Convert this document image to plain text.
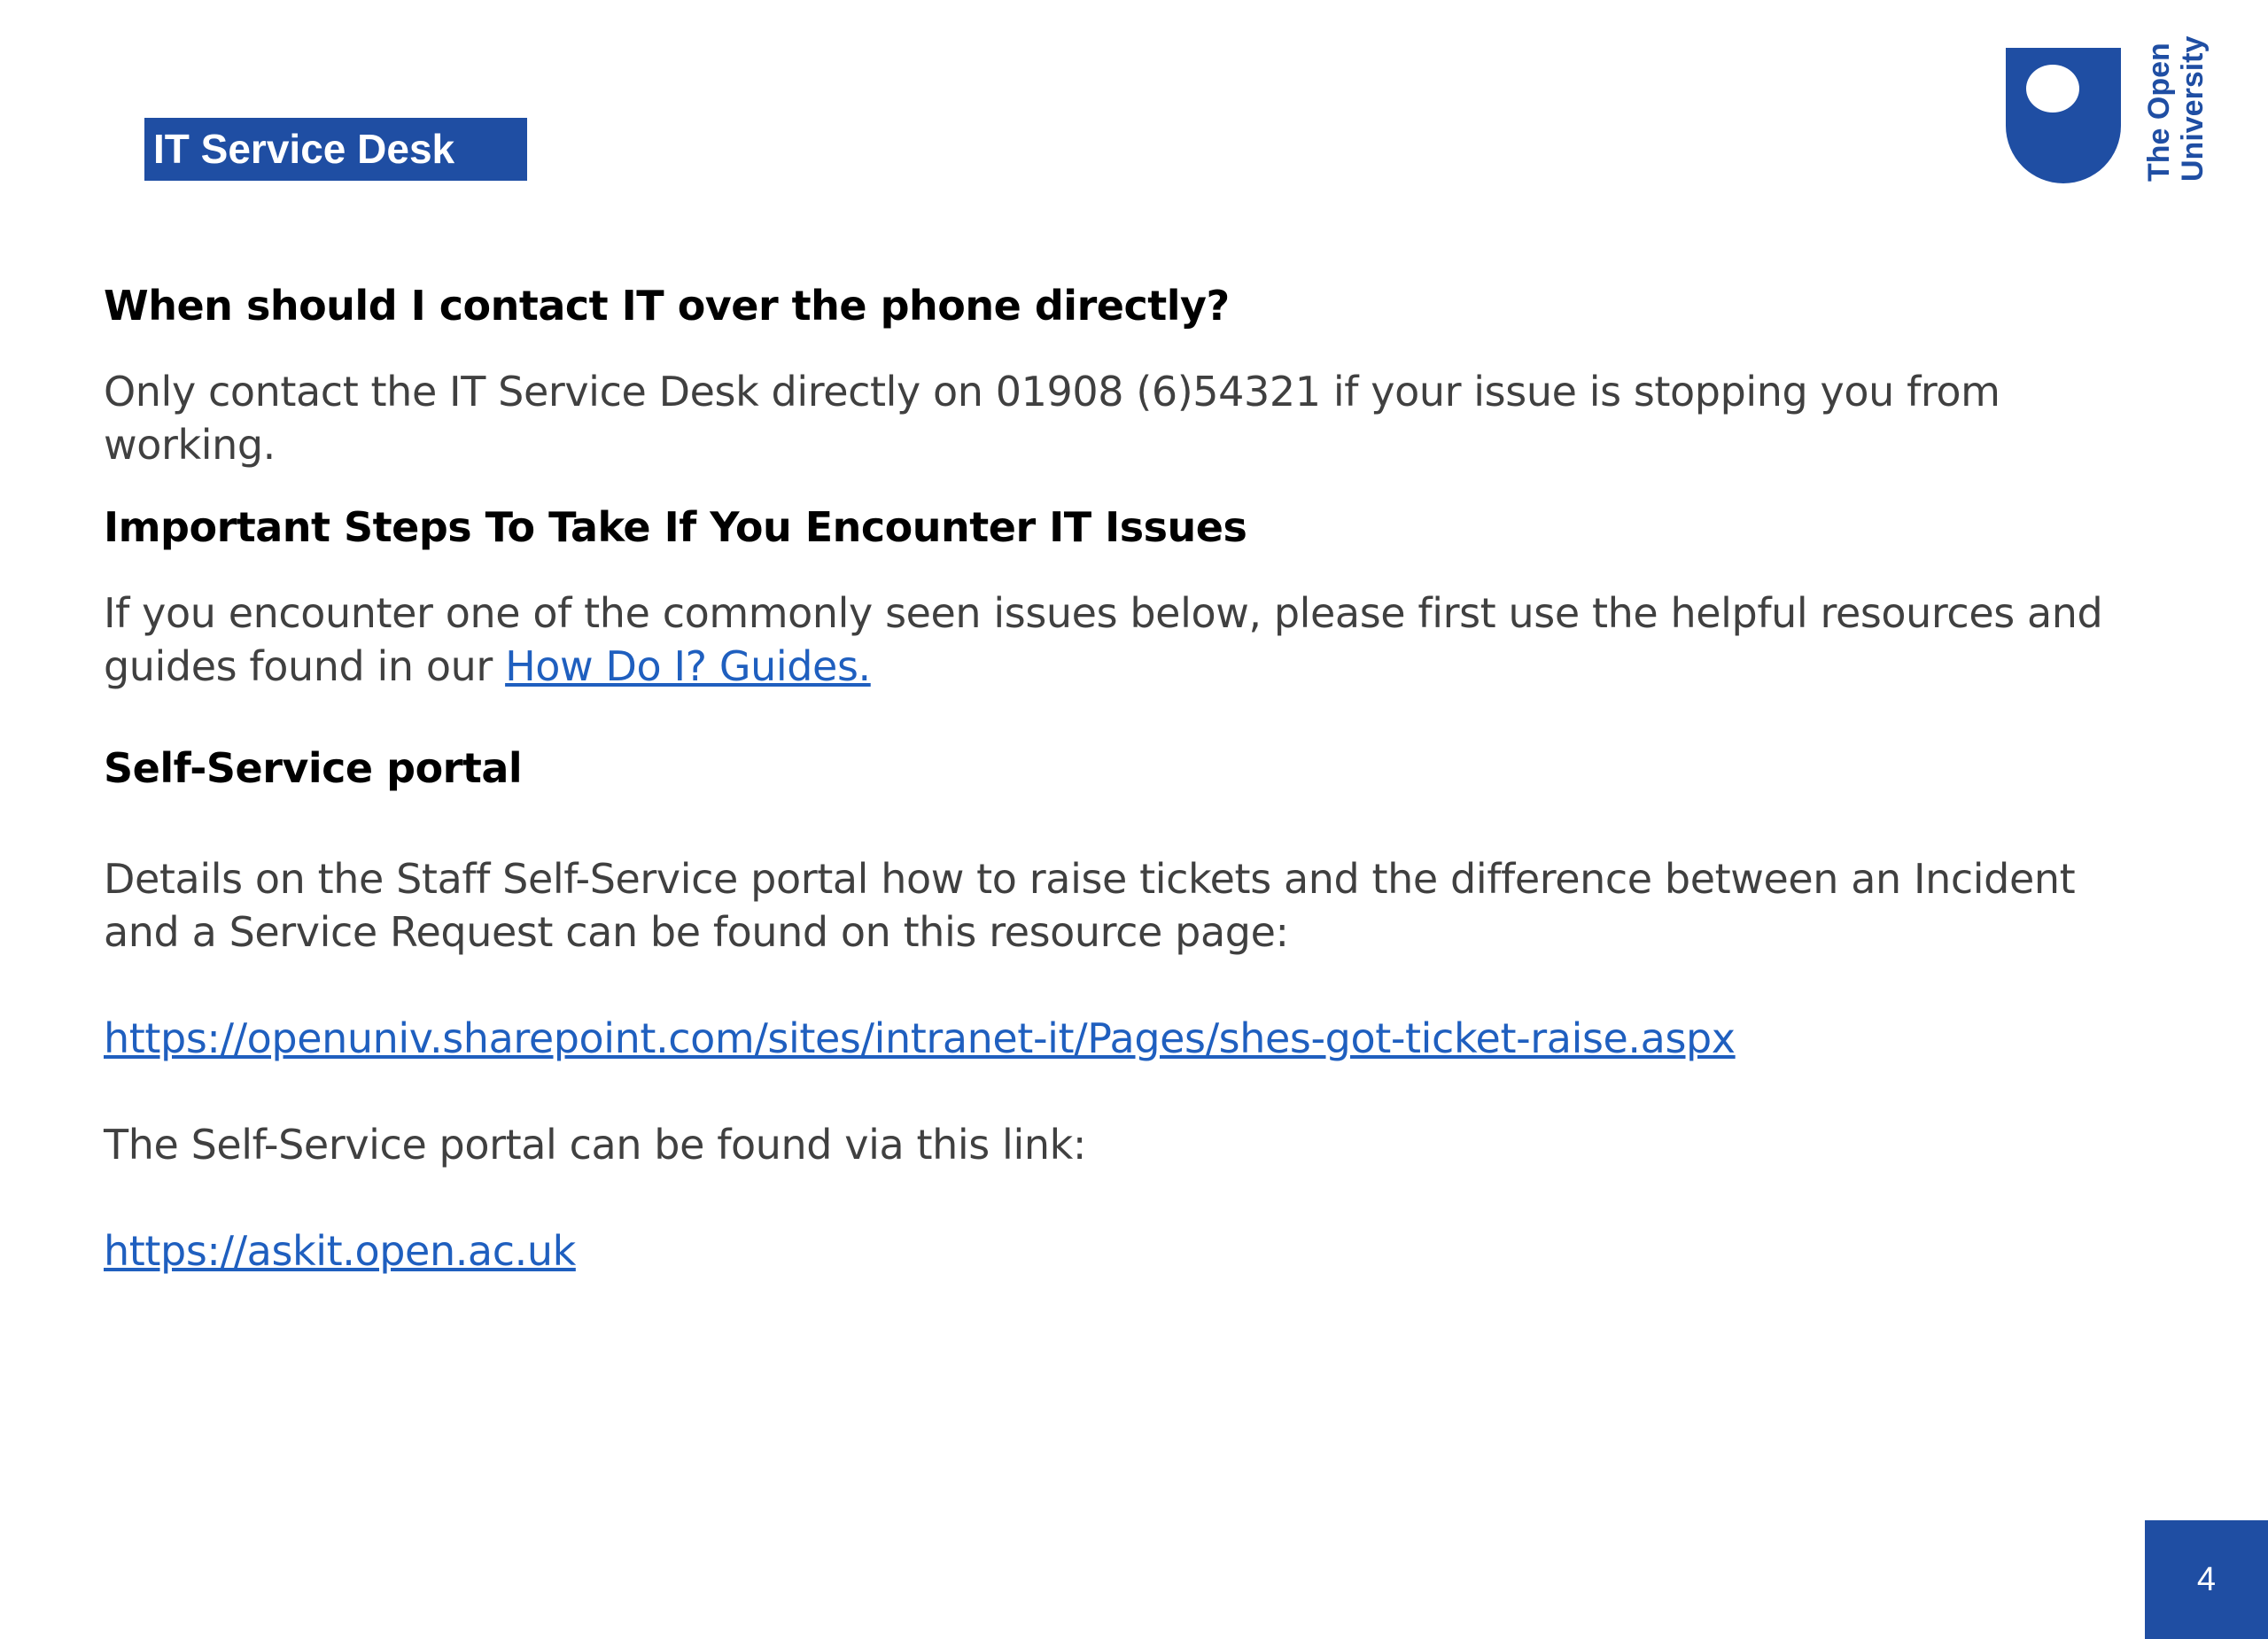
IT Service Desk	The Open University
When should I contact IT over the phone directly?
Only contact the IT Service Desk directly on 01908 (6)54321 if your issue is stopping you from working.
Important Steps To Take If You Encounter IT Issues
If you encounter one of the commonly seen issues below, please first use the helpful resources and guides found in our How Do I? Guides.
Self-Service portal
Details on the Staff Self-Service portal how to raise tickets and the difference between an Incident and a Service Request can be found on this resource page:
https://openuniv.sharepoint.com/sites/intranet-it/Pages/shes-got-ticket-raise.aspx
The Self-Service portal can be found via this link:
https://askit.open.ac.uk
4
